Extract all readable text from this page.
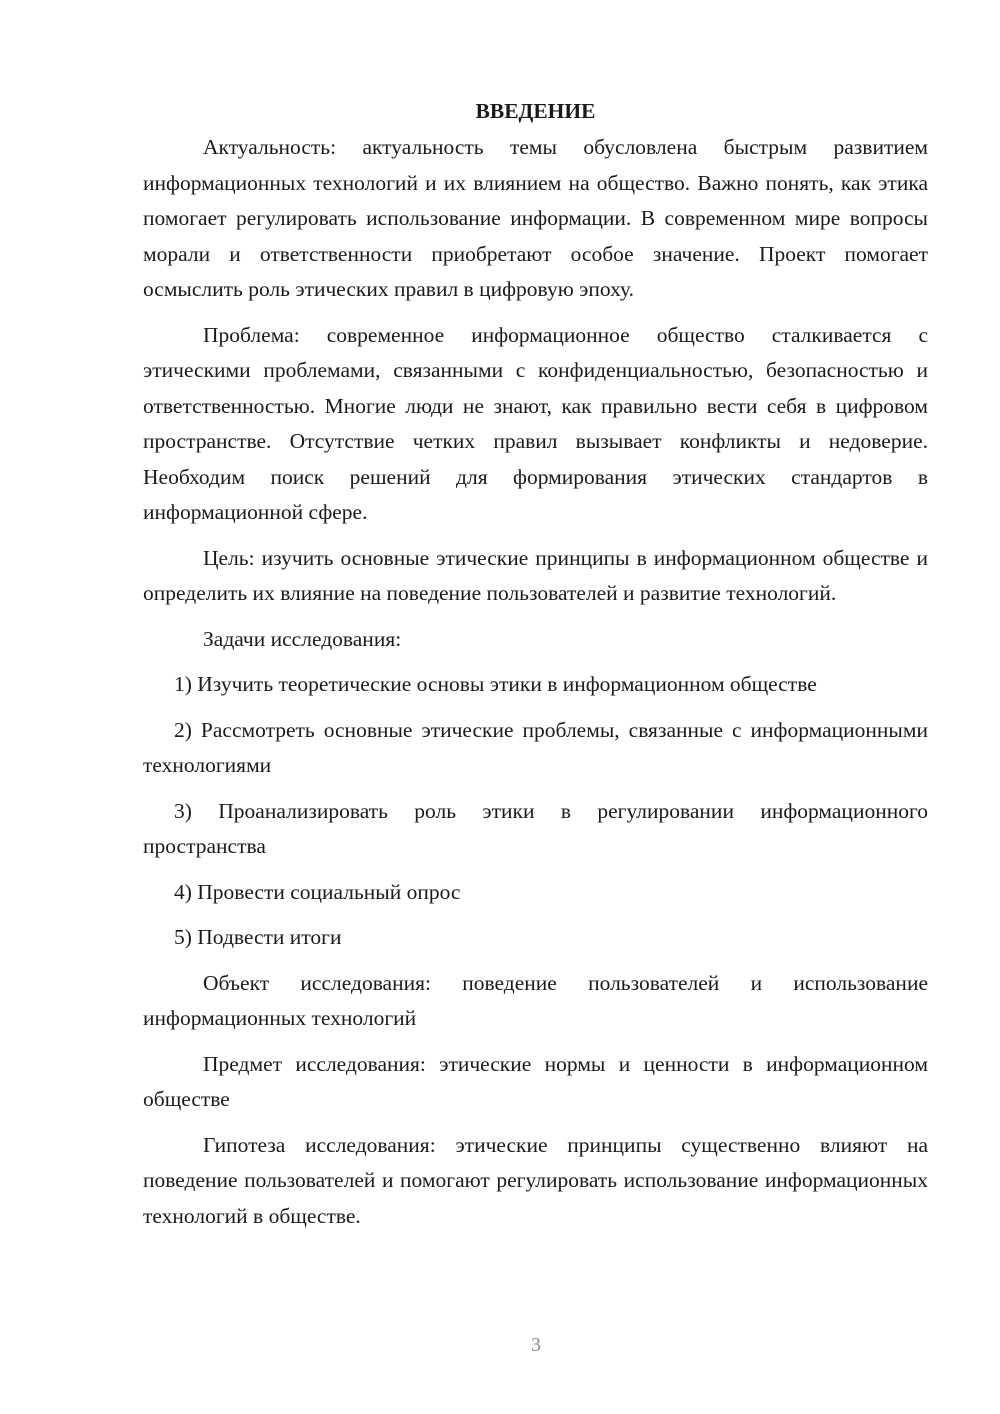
ВВЕДЕНИЕ

Актуальность: актуальность темы обусловлена быстрым развитием информационных технологий и их влиянием на общество. Важно понять, как этика помогает регулировать использование информации. В современном мире вопросы морали и ответственности приобретают особое значение. Проект помогает осмыслить роль этических правил в цифровую эпоху.

Проблема: современное информационное общество сталкивается с этическими проблемами, связанными с конфиденциальностью, безопасностью и ответственностью. Многие люди не знают, как правильно вести себя в цифровом пространстве. Отсутствие четких правил вызывает конфликты и недоверие. Необходим поиск решений для формирования этических стандартов в информационной сфере.

Цель: изучить основные этические принципы в информационном обществе и определить их влияние на поведение пользователей и развитие технологий.

Задачи исследования:

1) Изучить теоретические основы этики в информационном обществе

2) Рассмотреть основные этические проблемы, связанные с информационными технологиями

3) Проанализировать роль этики в регулировании информационного пространства

4) Провести социальный опрос

5) Подвести итоги

Объект исследования: поведение пользователей и использование информационных технологий

Предмет исследования: этические нормы и ценности в информационном обществе

Гипотеза исследования: этические принципы существенно влияют на поведение пользователей и помогают регулировать использование информационных технологий в обществе.

3
